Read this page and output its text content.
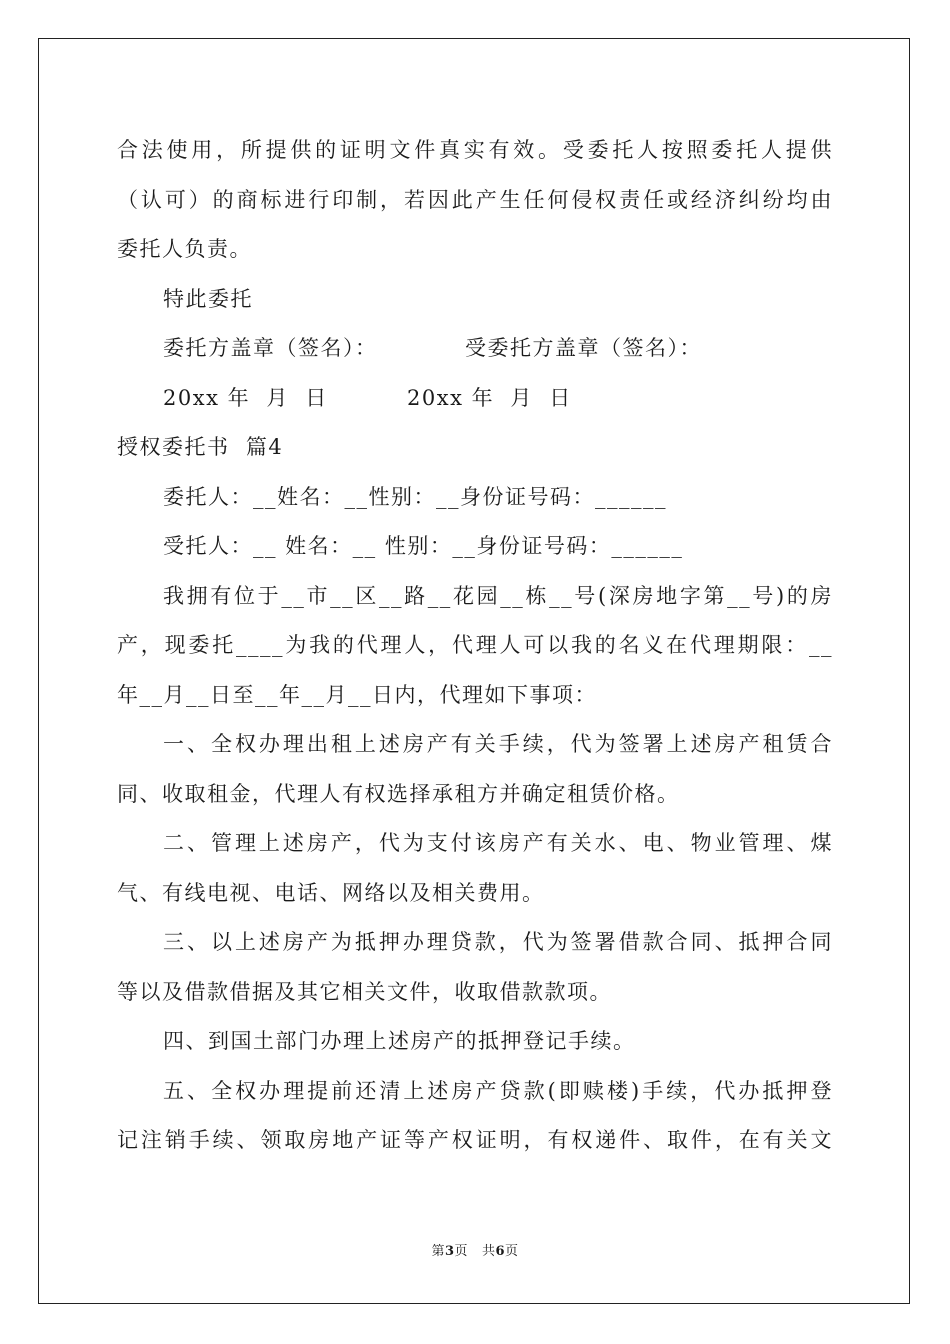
合法使用，所提供的证明文件真实有效。受委托人按照委托人提供
（认可）的商标进行印制，若因此产生任何侵权责任或经济纠纷均由
委托人负责。
特此委托
委托方盖章（签名）：	受委托方盖章（签名）：
20xx 年  月  日	20xx 年  月  日
授权委托书  篇4
委托人：__姓名：__性别：__身份证号码：______
受托人：__ 姓名：__ 性别：__身份证号码：______
我拥有位于__市__区__路__花园__栋__号(深房地字第__号)的房
产，现委托____为我的代理人，代理人可以我的名义在代理期限：__
年__月__日至__年__月__日内，代理如下事项：
一、全权办理出租上述房产有关手续，代为签署上述房产租赁合
同、收取租金，代理人有权选择承租方并确定租赁价格。
二、管理上述房产，代为支付该房产有关水、电、物业管理、煤
气、有线电视、电话、网络以及相关费用。
三、以上述房产为抵押办理贷款，代为签署借款合同、抵押合同
等以及借款借据及其它相关文件，收取借款款项。
四、到国土部门办理上述房产的抵押登记手续。
五、全权办理提前还清上述房产贷款(即赎楼)手续，代办抵押登
记注销手续、领取房地产证等产权证明，有权递件、取件，在有关文
第3页   共6页
